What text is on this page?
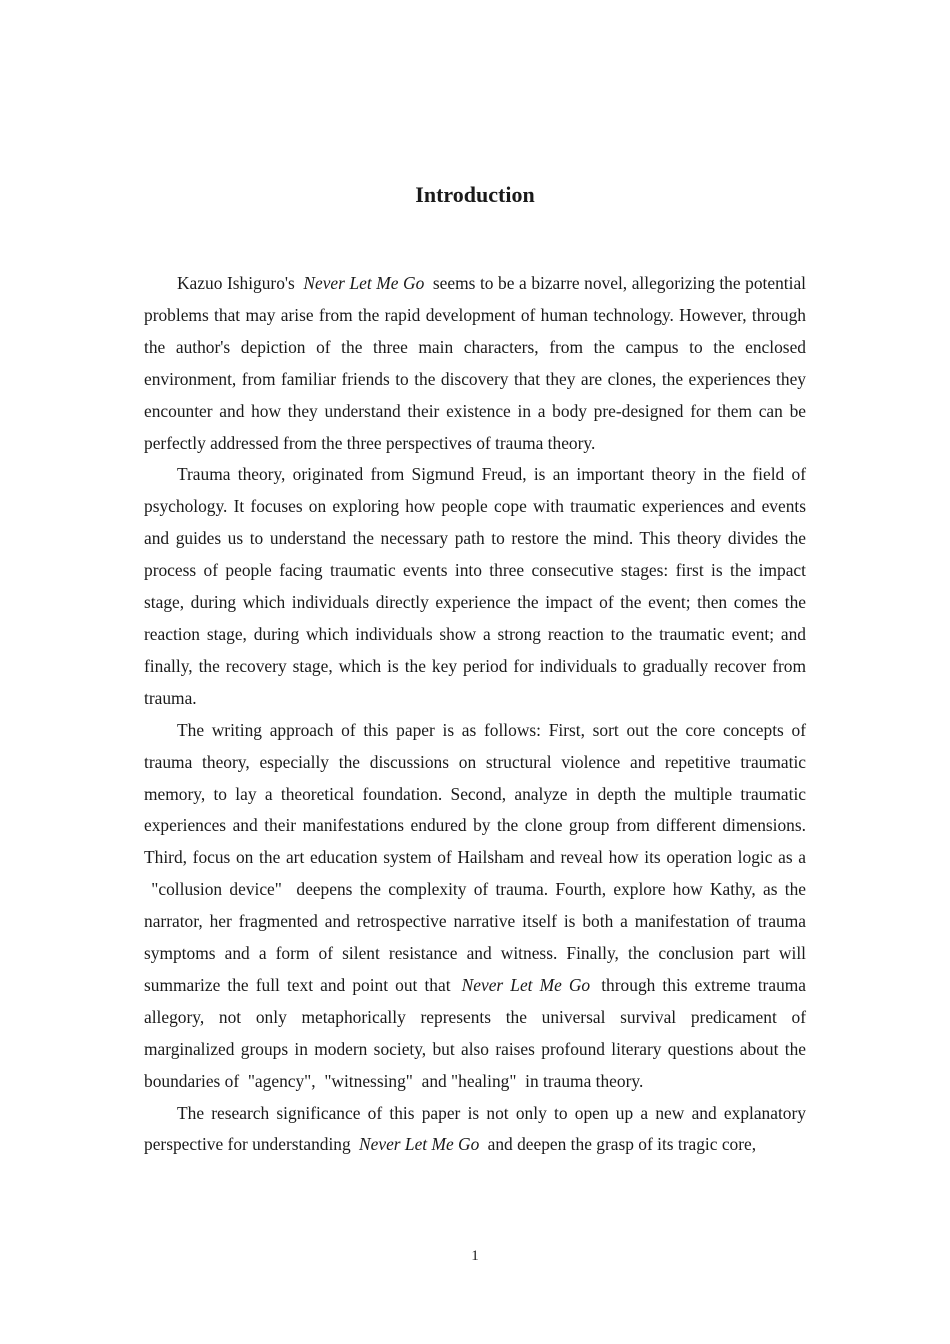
Introduction

Kazuo Ishiguro's Never Let Me Go seems to be a bizarre novel, allegorizing the potential problems that may arise from the rapid development of human technology. However, through the author's depiction of the three main characters, from the campus to the enclosed environment, from familiar friends to the discovery that they are clones, the experiences they encounter and how they understand their existence in a body pre-designed for them can be perfectly addressed from the three perspectives of trauma theory.

Trauma theory, originated from Sigmund Freud, is an important theory in the field of psychology. It focuses on exploring how people cope with traumatic experiences and events and guides us to understand the necessary path to restore the mind. This theory divides the process of people facing traumatic events into three consecutive stages: first is the impact stage, during which individuals directly experience the impact of the event; then comes the reaction stage, during which individuals show a strong reaction to the traumatic event; and finally, the recovery stage, which is the key period for individuals to gradually recover from trauma.

The writing approach of this paper is as follows: First, sort out the core concepts of trauma theory, especially the discussions on structural violence and repetitive traumatic memory, to lay a theoretical foundation. Second, analyze in depth the multiple traumatic experiences and their manifestations endured by the clone group from different dimensions. Third, focus on the art education system of Hailsham and reveal how its operation logic as a  "collusion device"  deepens the complexity of trauma. Fourth, explore how Kathy, as the narrator, her fragmented and retrospective narrative itself is both a manifestation of trauma symptoms and a form of silent resistance and witness. Finally, the conclusion part will summarize the full text and point out that Never Let Me Go through this extreme trauma allegory, not only metaphorically represents the universal survival predicament of marginalized groups in modern society, but also raises profound literary questions about the boundaries of  "agency",  "witnessing"  and "healing"  in trauma theory.

The research significance of this paper is not only to open up a new and explanatory perspective for understanding Never Let Me Go and deepen the grasp of its tragic core,

1
